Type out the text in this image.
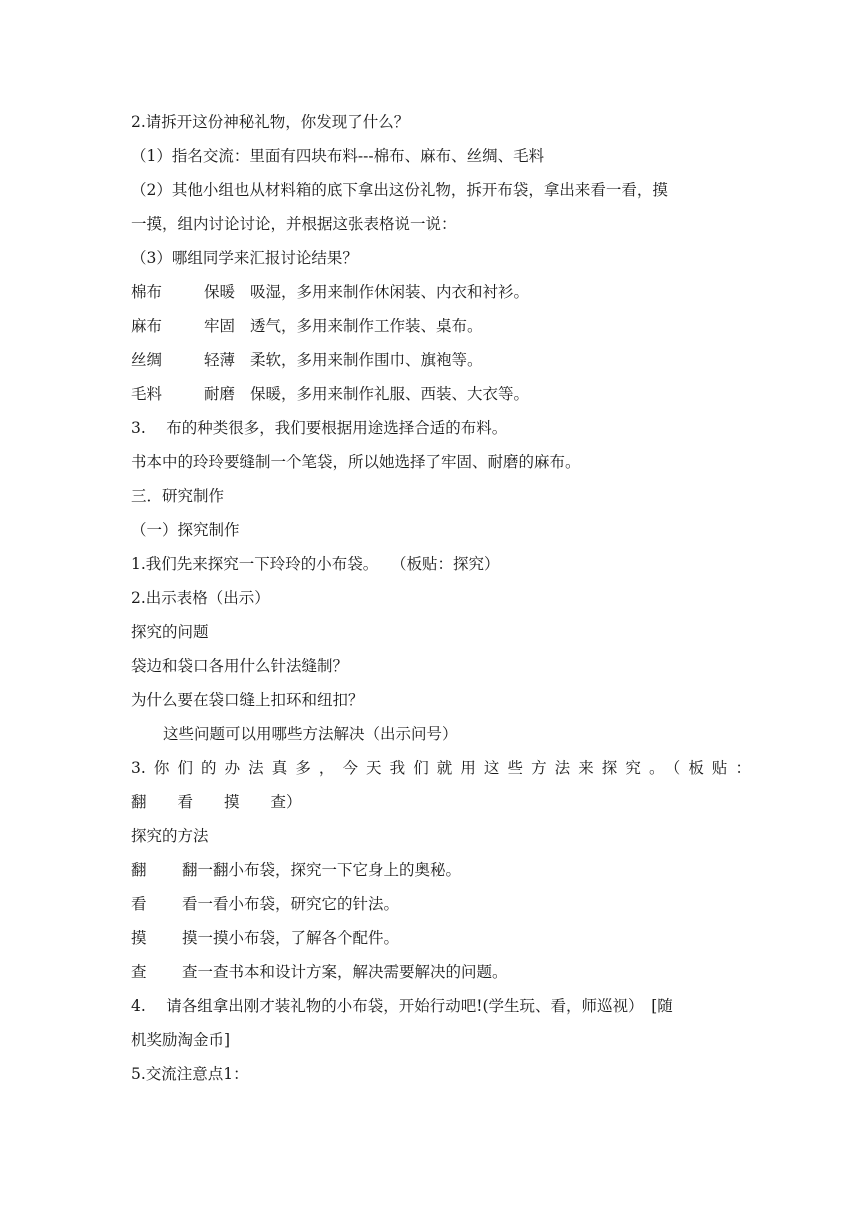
2.请拆开这份神秘礼物，你发现了什么？
（1）指名交流：里面有四块布料---棉布、麻布、丝绸、毛料
（2）其他小组也从材料箱的底下拿出这份礼物，拆开布袋，拿出来看一看，摸
一摸，组内讨论讨论，并根据这张表格说一说：
（3）哪组同学来汇报讨论结果？
棉布	保暖 吸湿，多用来制作休闲装、内衣和衬衫。
麻布	牢固 透气，多用来制作工作装、桌布。
丝绸	轻薄 柔软，多用来制作围巾、旗袍等。
毛料	耐磨 保暖，多用来制作礼服、西装、大衣等。
3.　 布的种类很多，我们要根据用途选择合适的布料。
书本中的玲玲要缝制一个笔袋，所以她选择了牢固、耐磨的麻布。
三．研究制作
（一）探究制作
1.我们先来探究一下玲玲的小布袋。　 （板贴：探究）
2.出示表格（出示）
探究的问题
袋边和袋口各用什么针法缝制？
为什么要在袋口缝上扣环和纽扣？
这些问题可以用哪些方法解决（出示问号）
3.你们的办法真多，今天我们就用这些方法来探究。（板贴：
翻　　看　　摸　　查）
探究的方法
翻 翻一翻小布袋，探究一下它身上的奥秘。
看 看一看小布袋，研究它的针法。
摸 摸一摸小布袋，了解各个配件。
查 查一查书本和设计方案，解决需要解决的问题。
4.　 请各组拿出刚才装礼物的小布袋，开始行动吧!(学生玩、看，师巡视）　[随
机奖励淘金币]
5.交流注意点1：
